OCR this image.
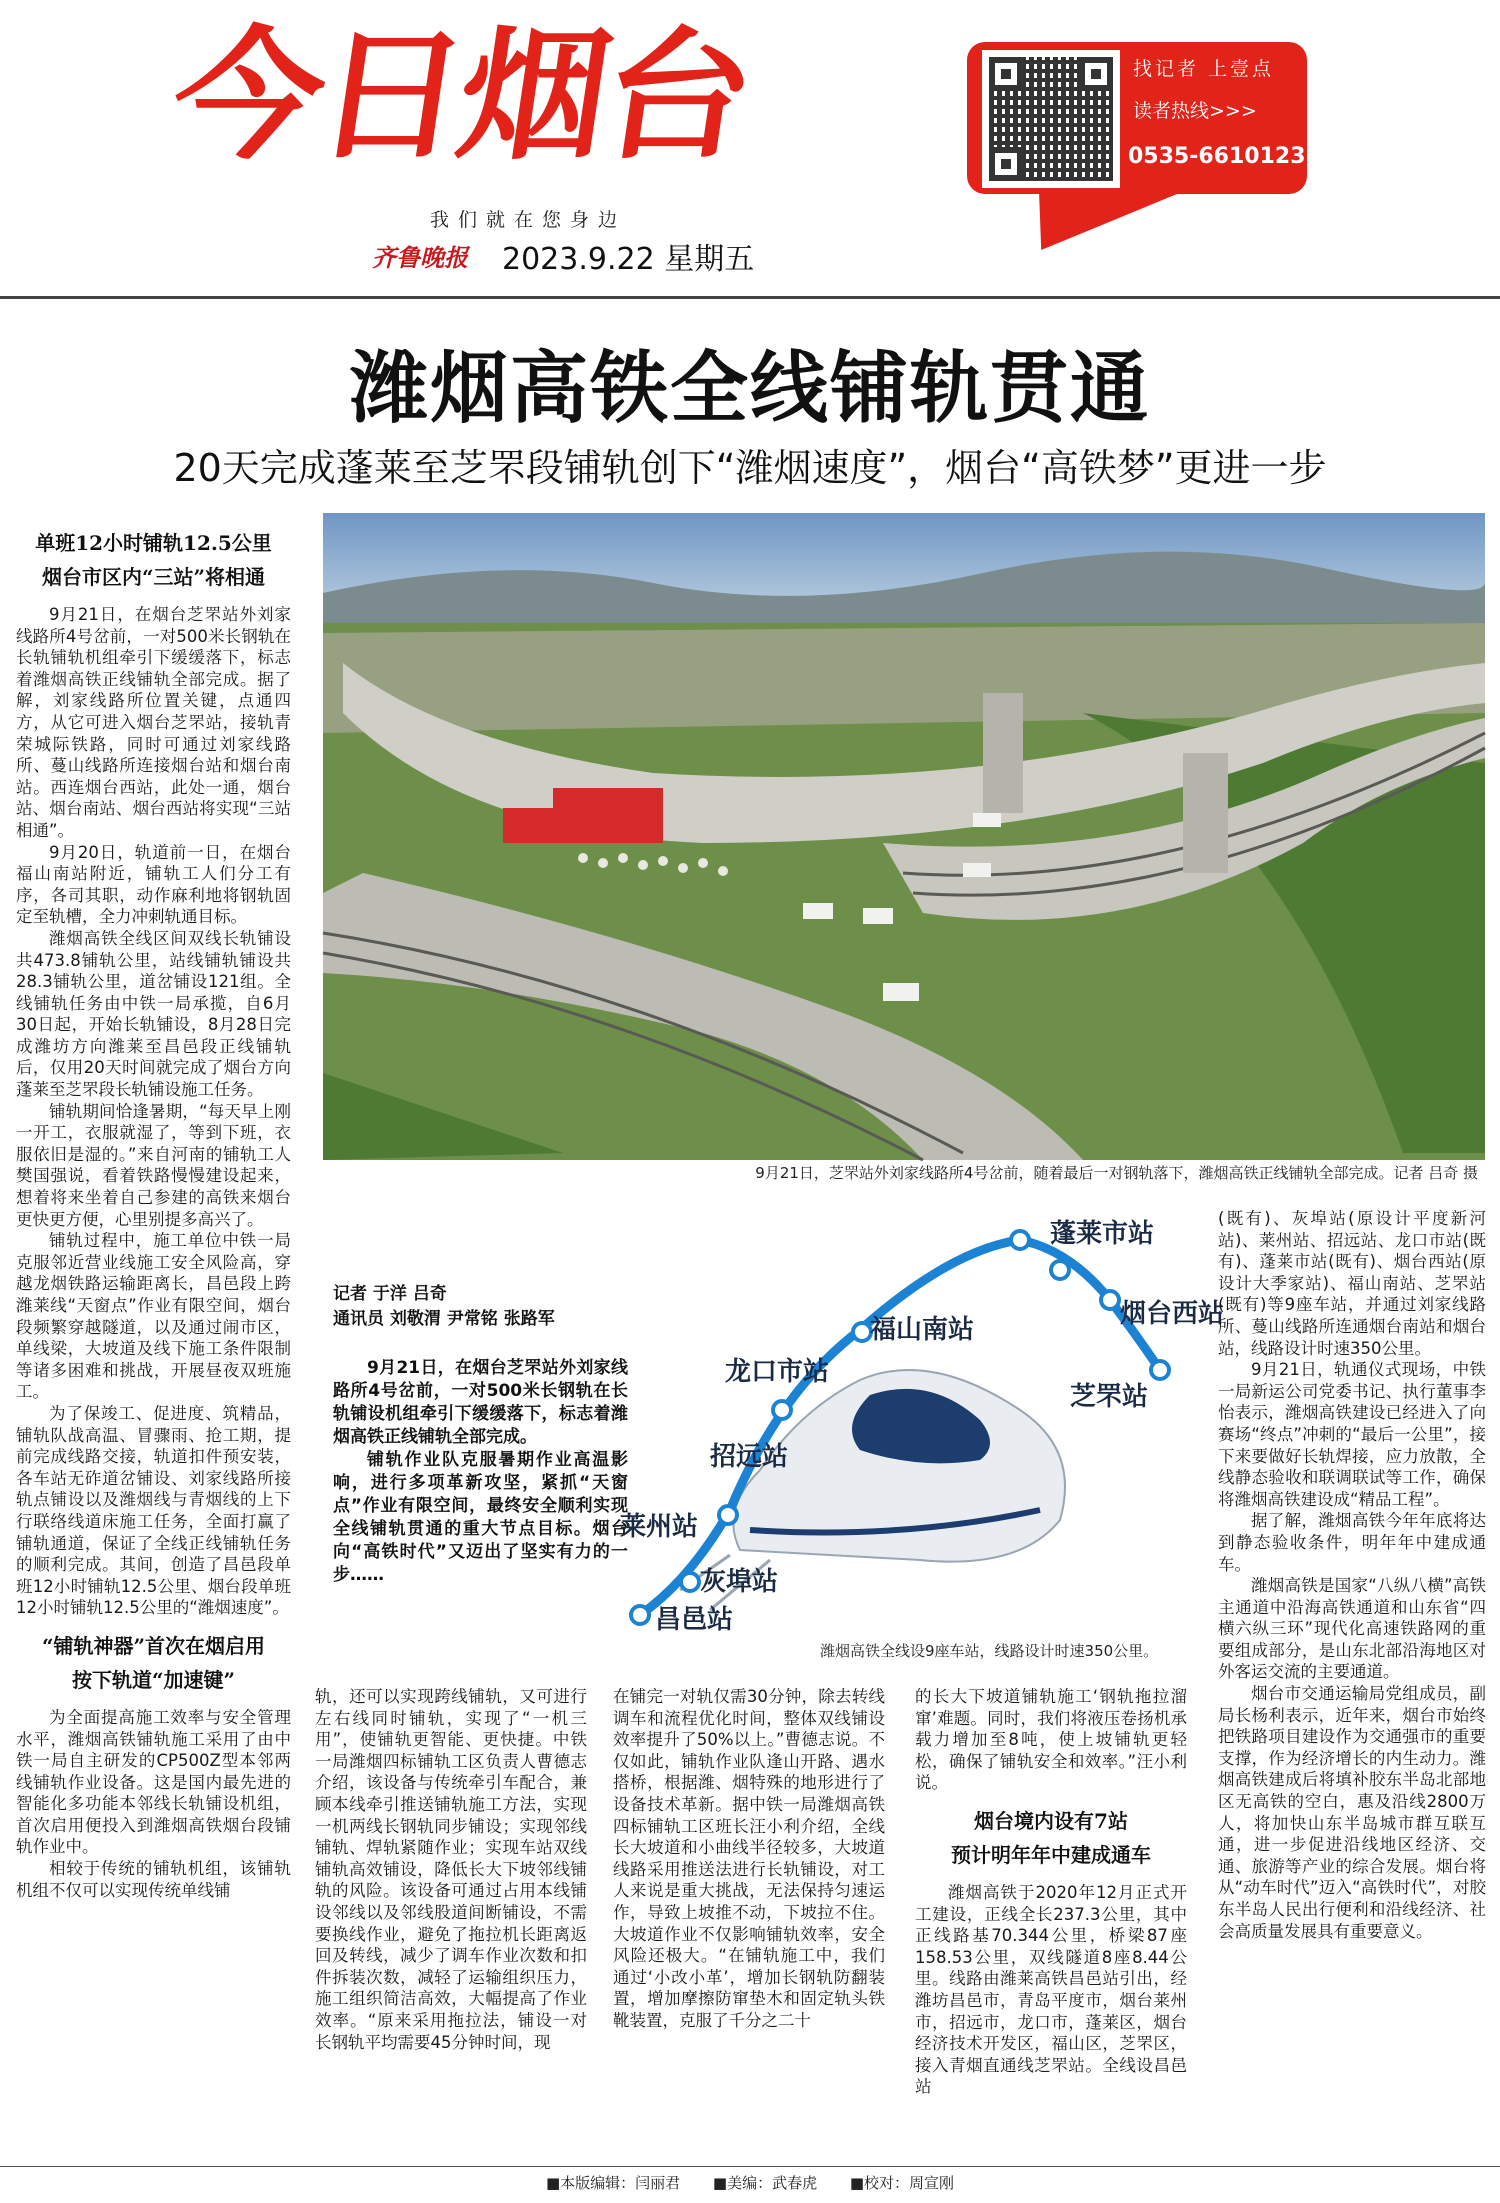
今日烟台	找记者 上壹点
读者热线>>>
0535-6610123
我们就在您身边
齐鲁晚报 2023.9.22 星期五
潍烟高铁全线铺轨贯通
20天完成蓬莱至芝罘段铺轨创下“潍烟速度”，烟台“高铁梦”更进一步
单班12小时铺轨12.5公里
烟台市区内“三站”将相通

9月21日，在烟台芝罘站外刘家线路所4号岔前，一对500米长钢轨在长轨铺轨机组牵引下缓缓落下，标志着潍烟高铁正线铺轨全部完成。据了解，刘家线路所位置关键，点通四方，从它可进入烟台芝罘站，接轨青荣城际铁路，同时可通过刘家线路所、蔓山线路所连接烟台站和烟台南站。西连烟台西站，此处一通，烟台站、烟台南站、烟台西站将实现“三站相通”。

9月20日，轨道前一日，在烟台福山南站附近，铺轨工人们分工有序，各司其职，动作麻利地将钢轨固定至轨槽，全力冲刺轨通目标。

潍烟高铁全线区间双线长轨铺设共473.8铺轨公里，站线铺轨铺设共28.3铺轨公里，道岔铺设121组。全线铺轨任务由中铁一局承揽，自6月30日起，开始长轨铺设，8月28日完成潍坊方向潍莱至昌邑段正线铺轨后，仅用20天时间就完成了烟台方向蓬莱至芝罘段长轨铺设施工任务。

铺轨期间恰逢暑期，“每天早上刚一开工，衣服就湿了，等到下班，衣服依旧是湿的。”来自河南的铺轨工人樊国强说，看着铁路慢慢建设起来，想着将来坐着自己参建的高铁来烟台更快更方便，心里别提多高兴了。

铺轨过程中，施工单位中铁一局克服邻近营业线施工安全风险高，穿越龙烟铁路运输距离长，昌邑段上跨潍莱线“天窗点”作业有限空间，烟台段频繁穿越隧道，以及通过闹市区，单线梁，大坡道及线下施工条件限制等诸多困难和挑战，开展昼夜双班施工。

为了保竣工、促进度、筑精品，铺轨队战高温、冒骤雨、抢工期，提前完成线路交接，轨道扣件预安装，各车站无砟道岔铺设、刘家线路所接轨点铺设以及潍烟线与青烟线的上下行联络线道床施工任务，全面打赢了铺轨通道，保证了全线正线铺轨任务的顺利完成。其间，创造了昌邑段单班12小时铺轨12.5公里、烟台段单班12小时铺轨12.5公里的“潍烟速度”。

“铺轨神器”首次在烟启用
按下轨道“加速键”

为全面提高施工效率与安全管理水平，潍烟高铁铺轨施工采用了由中铁一局自主研发的CP500Z型本邻两线铺轨作业设备。这是国内最先进的智能化多功能本邻线长轨铺设机组，首次启用便投入到潍烟高铁烟台段铺轨作业中。

相较于传统的铺轨机组，该铺轨机组不仅可以实现传统单线铺

9月21日，芝罘站外刘家线路所4号岔前，随着最后一对钢轨落下，潍烟高铁正线铺轨全部完成。记者 吕奇 摄
记者 于洋 吕奇
通讯员 刘敬渭 尹常铭 张路军

9月21日，在烟台芝罘站外刘家线路所4号岔前，一对500米长钢轨在长轨铺设机组牵引下缓缓落下，标志着潍烟高铁正线铺轨全部完成。

铺轨作业队克服暑期作业高温影响，进行多项革新攻坚，紧抓“天窗点”作业有限空间，最终安全顺利实现全线铺轨贯通的重大节点目标。烟台向“高铁时代”又迈出了坚实有力的一步……

昌邑站
灰埠站
莱州站
招远站
龙口市站
蓬莱市站
烟台西站
福山南站
芝罘站
潍烟高铁全线设9座车站，线路设计时速350公里。

(既有)、灰埠站(原设计平度新河站)、莱州站、招远站、龙口市站(既有)、蓬莱市站(既有)、烟台西站(原设计大季家站)、福山南站、芝罘站(既有)等9座车站，并通过刘家线路所、蔓山线路所连通烟台南站和烟台站，线路设计时速350公里。

9月21日，轨通仪式现场，中铁一局新运公司党委书记、执行董事李怡表示，潍烟高铁建设已经进入了向赛场“终点”冲刺的“最后一公里”，接下来要做好长轨焊接，应力放散，全线静态验收和联调联试等工作，确保将潍烟高铁建设成“精品工程”。

据了解，潍烟高铁今年年底将达到静态验收条件，明年年中建成通车。

潍烟高铁是国家“八纵八横”高铁主通道中沿海高铁通道和山东省“四横六纵三环”现代化高速铁路网的重要组成部分，是山东北部沿海地区对外客运交流的主要通道。

烟台市交通运输局党组成员，副局长杨利表示，近年来，烟台市始终把铁路项目建设作为交通强市的重要支撑，作为经济增长的内生动力。潍烟高铁建成后将填补胶东半岛北部地区无高铁的空白，惠及沿线2800万人，将加快山东半岛城市群互联互通，进一步促进沿线地区经济、交通、旅游等产业的综合发展。烟台将从“动车时代”迈入“高铁时代”，对胶东半岛人民出行便利和沿线经济、社会高质量发展具有重要意义。

轨，还可以实现跨线铺轨，又可进行左右线同时铺轨，实现了“一机三用”，使铺轨更智能、更快捷。中铁一局潍烟四标铺轨工区负责人曹德志介绍，该设备与传统牵引车配合，兼顾本线牵引推送铺轨施工方法，实现一机两线长钢轨同步铺设；实现邻线铺轨、焊轨紧随作业；实现车站双线铺轨高效铺设，降低长大下坡邻线铺轨的风险。该设备可通过占用本线铺设邻线以及邻线股道间断铺设，不需要换线作业，避免了拖拉机长距离返回及转线，减少了调车作业次数和扣件拆装次数，减轻了运输组织压力，施工组织简洁高效，大幅提高了作业效率。“原来采用拖拉法，铺设一对长钢轨平均需要45分钟时间，现

在铺完一对轨仅需30分钟，除去转线调车和流程优化时间，整体双线铺设效率提升了50%以上。”曹德志说。不仅如此，铺轨作业队逢山开路、遇水搭桥，根据潍、烟特殊的地形进行了设备技术革新。据中铁一局潍烟高铁四标铺轨工区班长汪小利介绍，全线长大坡道和小曲线半径较多，大坡道线路采用推送法进行长轨铺设，对工人来说是重大挑战，无法保持匀速运作，导致上坡推不动，下坡拉不住。大坡道作业不仅影响铺轨效率，安全风险还极大。“在铺轨施工中，我们通过‘小改小革’，增加长钢轨防翻装置，增加摩擦防窜垫木和固定轨头铁靴装置，克服了千分之二十

的长大下坡道铺轨施工‘钢轨拖拉溜窜’难题。同时，我们将液压卷扬机承载力增加至8吨，使上坡铺轨更轻松，确保了铺轨安全和效率。”汪小利说。

烟台境内设有7站
预计明年年中建成通车

潍烟高铁于2020年12月正式开工建设，正线全长237.3公里，其中正线路基70.344公里，桥梁87座158.53公里，双线隧道8座8.44公里。线路由潍莱高铁昌邑站引出，经潍坊昌邑市，青岛平度市，烟台莱州市，招远市，龙口市，蓬莱区，烟台经济技术开发区，福山区，芝罘区，接入青烟直通线芝罘站。全线设昌邑站

■本版编辑：闫丽君 ■美编：武春虎 ■校对：周宣刚
